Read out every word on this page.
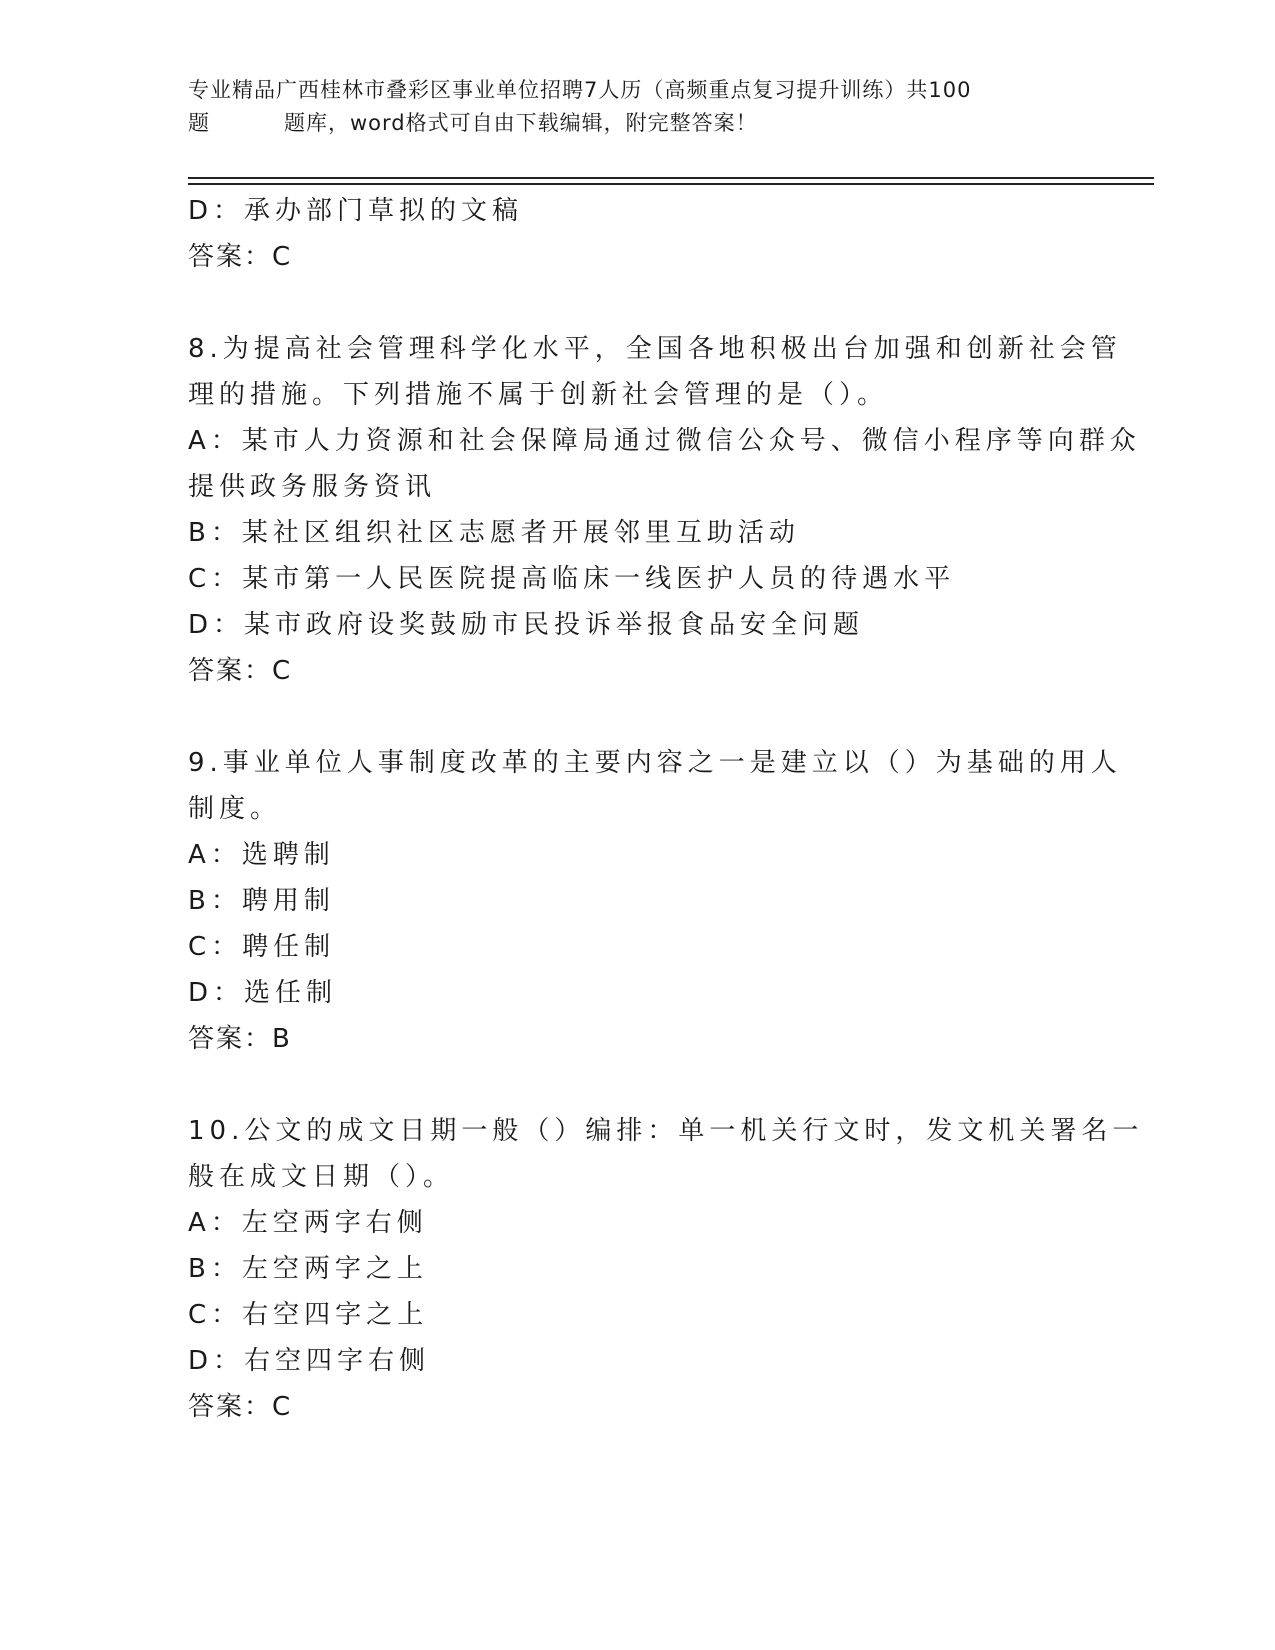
专业精品广西桂林市叠彩区事业单位招聘7人历（高频重点复习提升训练）共100
题	题库，word格式可自由下载编辑，附完整答案！
D：承办部门草拟的文稿
答案：C
8.为提高社会管理科学化水平，全国各地积极出台加强和创新社会管
理的措施。下列措施不属于创新社会管理的是（）。
A：某市人力资源和社会保障局通过微信公众号、微信小程序等向群众
提供政务服务资讯
B：某社区组织社区志愿者开展邻里互助活动
C：某市第一人民医院提高临床一线医护人员的待遇水平
D：某市政府设奖鼓励市民投诉举报食品安全问题
答案：C
9.事业单位人事制度改革的主要内容之一是建立以（）为基础的用人
制度。
A：选聘制
B：聘用制
C：聘任制
D：选任制
答案：B
10.公文的成文日期一般（）编排：单一机关行文时，发文机关署名一
般在成文日期（）。
A：左空两字右侧
B：左空两字之上
C：右空四字之上
D：右空四字右侧
答案：C
